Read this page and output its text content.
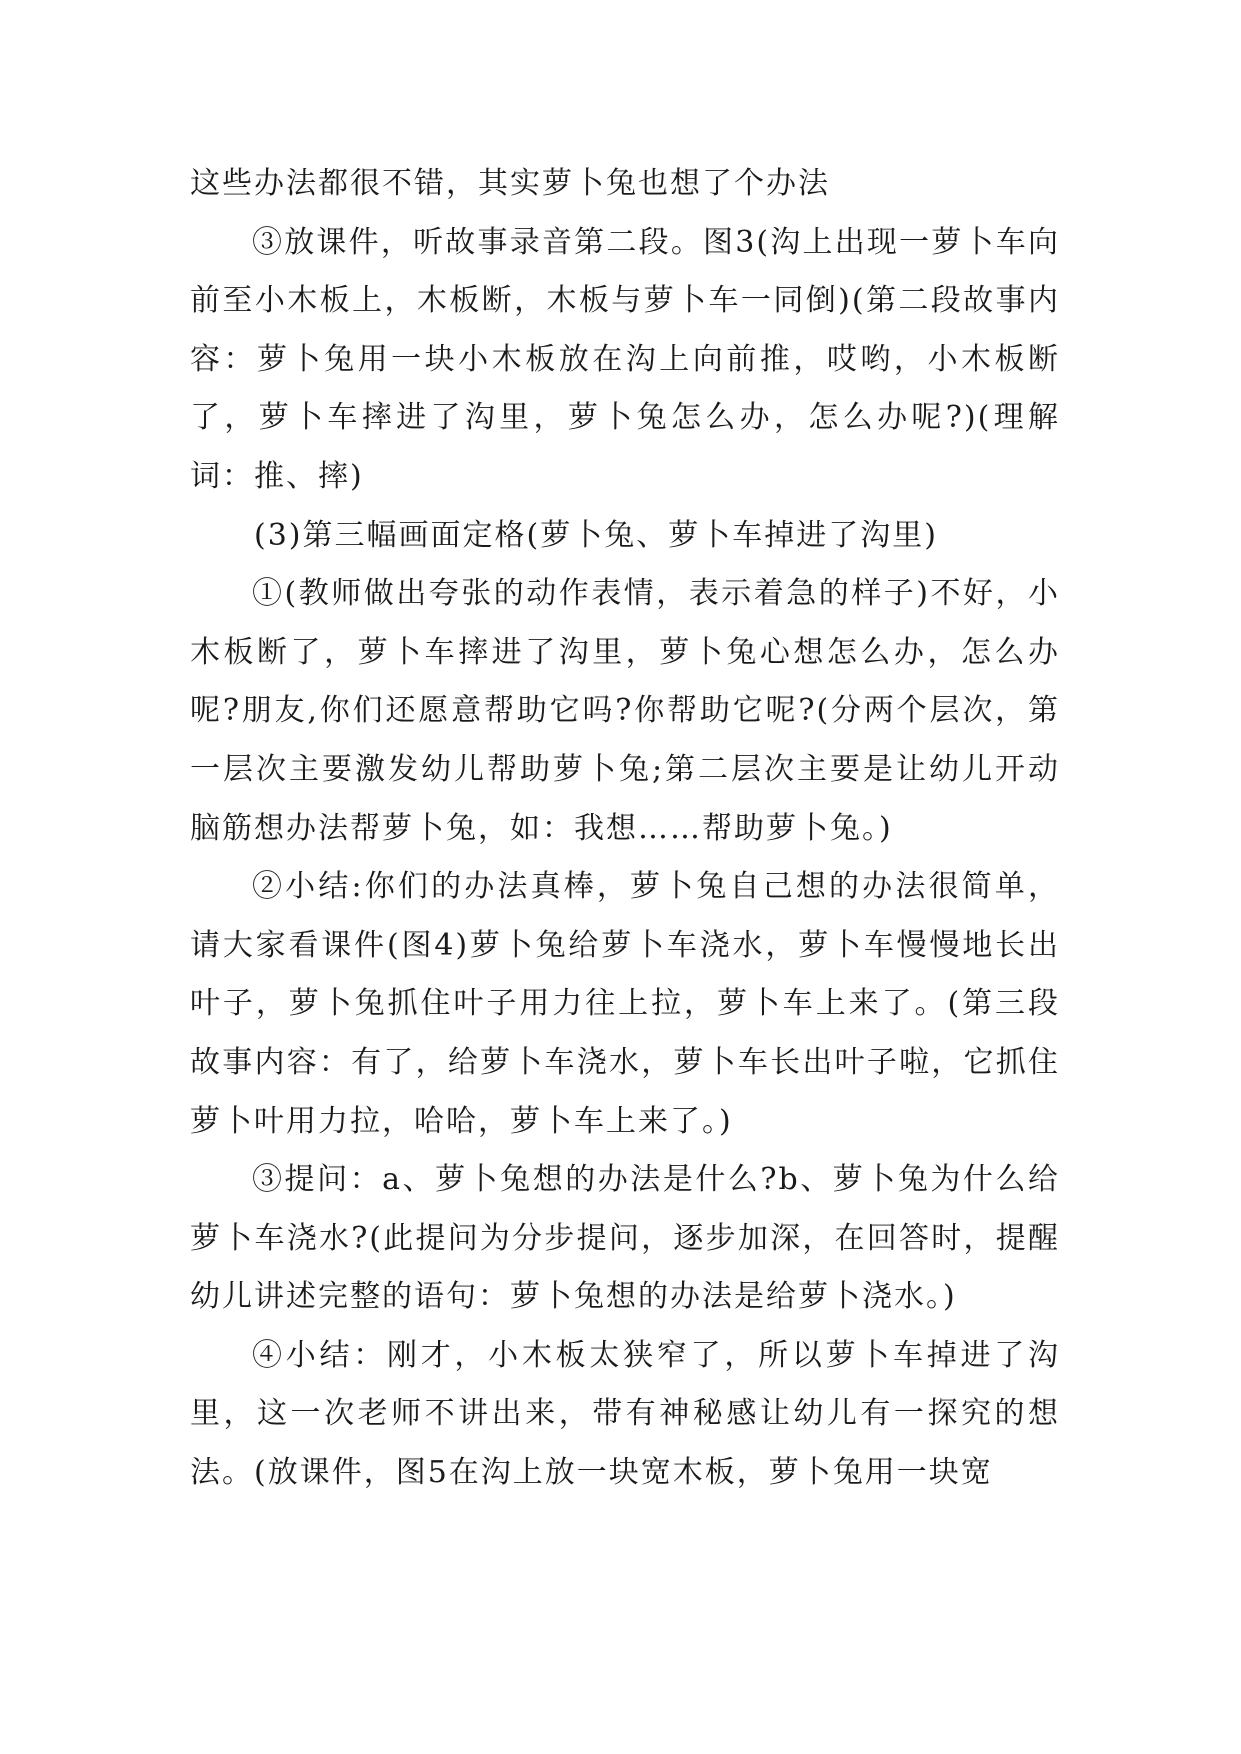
这些办法都很不错，其实萝卜兔也想了个办法

③放课件，听故事录音第二段。图3(沟上出现一萝卜车向前至小木板上，木板断，木板与萝卜车一同倒)(第二段故事内容：萝卜兔用一块小木板放在沟上向前推，哎哟，小木板断了，萝卜车摔进了沟里，萝卜兔怎么办，怎么办呢?)(理解词：推、摔)

(3)第三幅画面定格(萝卜兔、萝卜车掉进了沟里)

①(教师做出夸张的动作表情，表示着急的样子)不好，小木板断了，萝卜车摔进了沟里，萝卜兔心想怎么办，怎么办呢?朋友,你们还愿意帮助它吗?你帮助它呢?(分两个层次，第一层次主要激发幼儿帮助萝卜兔;第二层次主要是让幼儿开动脑筋想办法帮萝卜兔，如：我想……帮助萝卜兔。)

②小结:你们的办法真棒，萝卜兔自己想的办法很简单，请大家看课件(图4)萝卜兔给萝卜车浇水，萝卜车慢慢地长出叶子，萝卜兔抓住叶子用力往上拉，萝卜车上来了。(第三段故事内容：有了，给萝卜车浇水，萝卜车长出叶子啦，它抓住萝卜叶用力拉，哈哈，萝卜车上来了。)

③提问：a、萝卜兔想的办法是什么?b、萝卜兔为什么给萝卜车浇水?(此提问为分步提问，逐步加深，在回答时，提醒幼儿讲述完整的语句：萝卜兔想的办法是给萝卜浇水。)

④小结：刚才，小木板太狭窄了，所以萝卜车掉进了沟里，这一次老师不讲出来，带有神秘感让幼儿有一探究的想法。(放课件，图5在沟上放一块宽木板，萝卜兔用一块宽
